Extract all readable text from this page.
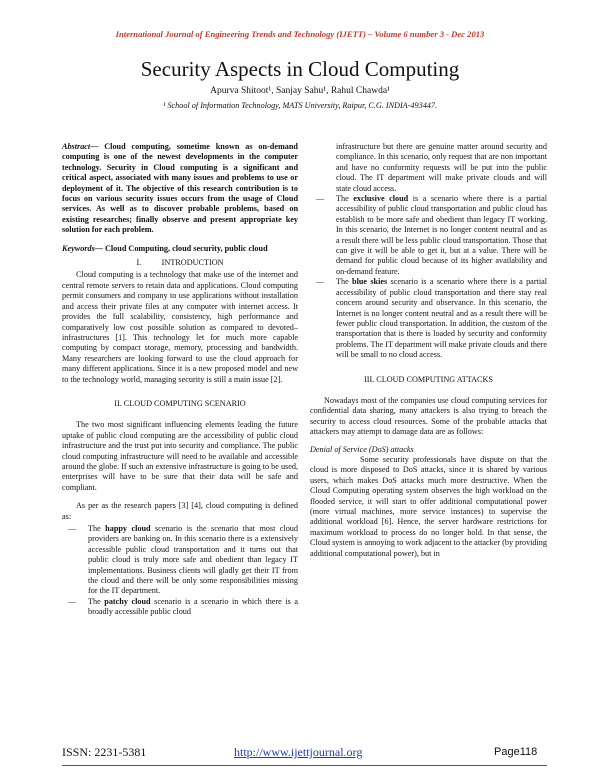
International Journal of Engineering Trends and Technology (IJETT) – Volume 6 number 3 - Dec 2013
Security Aspects in Cloud Computing
Apurva Shitoot¹, Sanjay Sahu¹, Rahul Chawda¹
¹ School of Information Technology, MATS University, Raipur, C.G. INDIA-493447.

Abstract— Cloud computing, sometime known as on-demand computing is one of the newest developments in the computer technology. Security in Cloud computing is a significant and critical aspect, associated with many issues and problems to use or deployment of it. The objective of this research contribution is to focus on various security issues occurs from the usage of Cloud services. As well as to discover probable problems, based on existing researches; finally observe and present appropriate key solution for each problem.

Keywords— Cloud Computing, cloud security, public cloud

I.          INTRODUCTION

Cloud computing is a technology that make use of the internet and central remote servers to retain data and applications. Cloud computing permit consumers and company to use applications without installation and access their private files at any computer with internet access. It provides the full scalability, consistency, high performance and comparatively low cost possible solution as compared to devoted–infrastructures [1]. This technology let for much more capable computing by compact storage, memory, processing and bandwidth. Many researchers are looking forward to use the cloud approach for many different applications. Since it is a new proposed model and new to the technology world, managing security is still a main issue [2].

II. CLOUD COMPUTING SCENARIO

The two most significant influencing elements leading the future uptake of public cloud computing are the accessibility of public cloud infrastructure and the trust put into security and compliance. The public cloud computing infrastructure will need to be available and accessible around the globe. If such an extensive infrastructure is going to be used, enterprises will have to be sure that their data will be safe and compliant.

As per as the research papers [3] [4], cloud computing is defined as:

— The happy cloud scenario is the scenario that most cloud providers are banking on. In this scenario there is a extensively accessible public cloud transportation and it turns out that public cloud is truly more safe and obedient than legacy IT implementations. Business clients will gladly get their IT from the cloud and there will be only some responsibilities missing for the IT department.
— The patchy cloud scenario is a scenario in which there is a broadly accessible public cloud
infrastructure but there are genuine matter around security and compliance. In this scenario, only request that are non important and have no conformity requests will be put into the public cloud. The IT department will make private clouds and will state cloud access.
— The exclusive cloud is a scenario where there is a partial accessibility of public cloud transportation and public cloud has establish to be more safe and obedient than legacy IT working. In this scenario, the Internet is no longer content neutral and as a result there will be less public cloud transportation. Those that can give it will be able to get it, but at a value. There will be demand for public cloud because of its higher availability and on-demand feature.
— The blue skies scenario is a scenario where there is a partial accessibility of public cloud transportation and there stay real concern around security and observance. In this scenario, the Internet is no longer content neutral and as a result there will be fewer public cloud transportation. In addition, the custom of the transportation that is there is loaded by security and conformity problems. The IT department will make private clouds and there will be small to no cloud access.

III. CLOUD COMPUTING ATTACKS

Nowadays most of the companies use cloud computing services for confidential data sharing, many attackers is also trying to breach the security to access cloud resources. Some of the probable attacks that attackers may attempt to damage data are as follows:

Denial of Service (DoS) attacks

Some security professionals have dispute on that the cloud is more disposed to DoS attacks, since it is shared by various users, which makes DoS attacks much more destructive. When the Cloud Computing operating system observes the high workload on the flooded service, it will start to offer additional computational power (more virtual machines, more service instances) to supervise the additional workload [6]. Hence, the server hardware restrictions for maximum workload to process do no longer hold. In that sense, the Cloud system is annoying to work adjacent to the attacker (by providing additional computational power), but in

ISSN: 2231-5381	http://www.ijettjournal.org	Page118
